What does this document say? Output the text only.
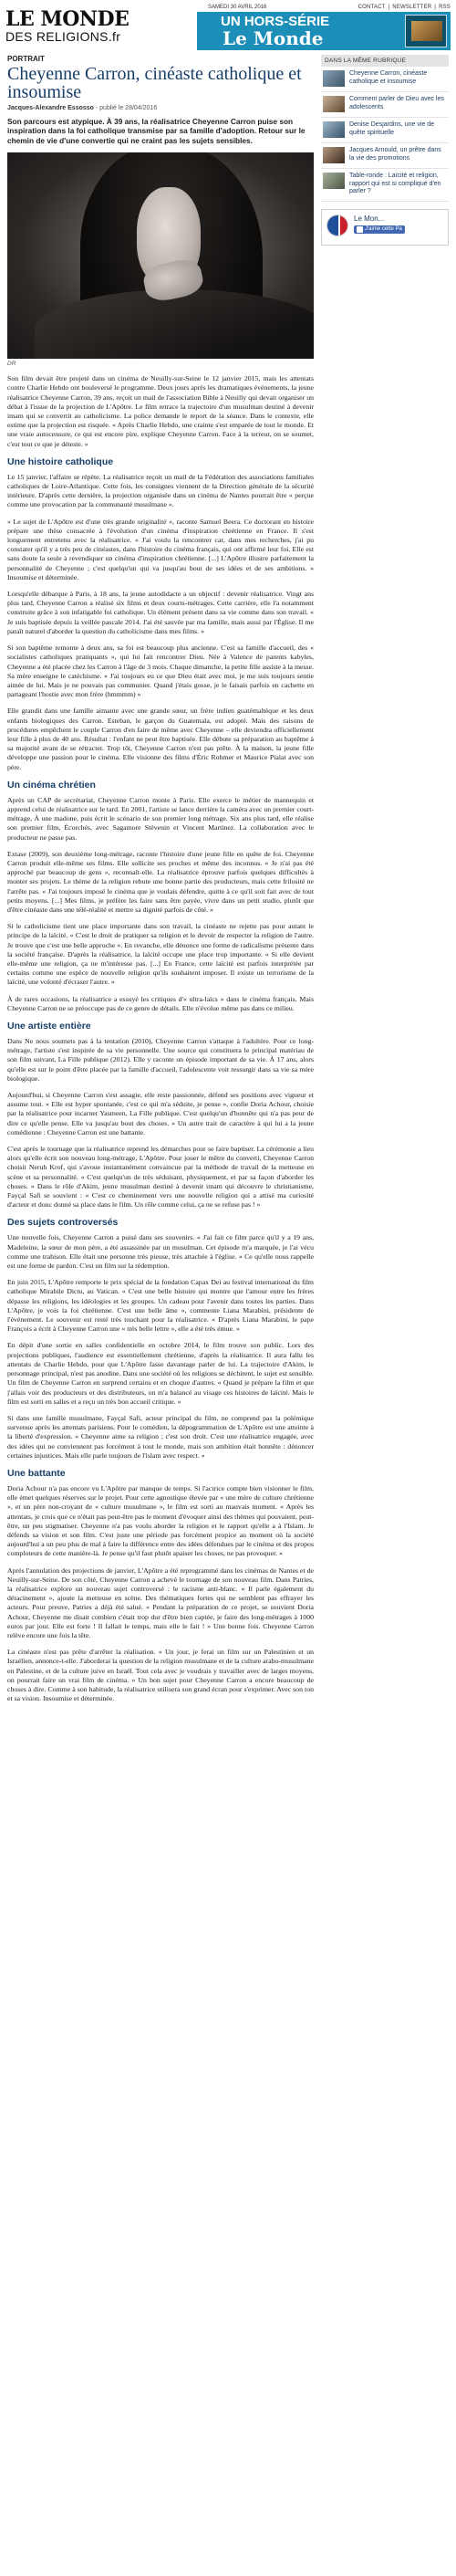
LE MONDE
DES RELIGIONS.fr
SAMEDI 30 AVRIL 2016	CONTACT | NEWSLETTER | RSS
UN HORS-SÉRIE
Le Monde
PORTRAIT
Cheyenne Carron, cinéaste catholique et insoumise
Jacques-Alexandre Essosso - publié le 28/04/2016
Son parcours est atypique. À 39 ans, la réalisatrice Cheyenne Carron puise son inspiration dans la foi catholique transmise par sa famille d'adoption. Retour sur le chemin de vie d'une convertie qui ne craint pas les sujets sensibles.
DR

Son film devait être projeté dans un cinéma de Neuilly-sur-Seine le 12 janvier 2015, mais les attentats contre Charlie Hebdo ont bouleversé le programme. Deux jours après les dramatiques événements, la jeune réalisatrice Cheyenne Carron, 39 ans, reçoit un mail de l'association Bible à Neuilly qui devait organiser un débat à l'issue de la projection de L'Apôtre. Le film retrace la trajectoire d'un musulman destiné à devenir imam qui se convertit au catholicisme. La police demande le report de la séance. Dans le contexte, elle estime que la projection est risquée. « Après Charlie Hebdo, une crainte s'est emparée de tout le monde. Et une vraie autocensure, ce qui est encore pire, explique Cheyenne Carron. Face à la terreur, on se soumet, c'est tout ce que je déteste. »

Une histoire catholique

Le 15 janvier, l'affaire se répète. La réalisatrice reçoit un mail de la Fédération des associations familiales catholiques de Loire-Atlantique. Cette fois, les consignes viennent de la Direction générale de la sécurité intérieure. D'après cette dernière, la projection organisée dans un cinéma de Nantes pourrait être « perçue comme une provocation par la communauté musulmane ».

« Le sujet de L'Apôtre est d'une très grande originalité », raconte Samuel Beera. Ce doctorant en histoire prépare une thèse consacrée à l'évolution d'un cinéma d'inspiration chrétienne en France. Il s'est longuement entretenu avec la réalisatrice. « J'ai voulu la rencontrer car, dans mes recherches, j'ai pu constater qu'il y a très peu de cinéastes, dans l'histoire du cinéma français, qui ont affirmé leur foi. Elle est sans doute la seule à revendiquer un cinéma d'inspiration chrétienne. [...] L'Apôtre illustre parfaitement la personnalité de Cheyenne ; c'est quelqu'un qui va jusqu'au bout de ses idées et de ses ambitions. » Insoumise et déterminée.

Lorsqu'elle débarque à Paris, à 18 ans, la jeune autodidacte a un objectif : devenir réalisatrice. Vingt ans plus tard, Cheyenne Carron a réalisé six films et deux courts-métrages. Cette carrière, elle l'a notamment construite grâce à son infatigable foi catholique. Un élément présent dans sa vie comme dans son travail. « Je suis baptisée depuis la veillée pascale 2014. J'ai été sauvée par ma famille, mais aussi par l'Église. Il me paraît naturel d'aborder la question du catholicisme dans mes films. »

Si son baptême remonte à deux ans, sa foi est beaucoup plus ancienne. C'est sa famille d'accueil, des « socialistes catholiques pratiquants », qui lui fait rencontrer Dieu. Née à Valence de parents kabyles, Cheyenne a été placée chez les Carron à l'âge de 3 mois. Chaque dimanche, la petite fille assiste à la messe. Sa mère enseigne le catéchisme. « J'ai toujours eu ce que Dieu était avec moi, je me suis toujours sentie aimée de lui. Mais je ne pouvais pas communier. Quand j'étais gosse, je le faisais parfois en cachette en partageant l'hostie avec mon frère (hmmmm) »

Elle grandit dans une famille aimante avec une grande sœur, un frère indien guatémaltèque et les deux enfants biologiques des Carron. Esteban, le garçon du Guatemala, est adopté. Mais des raisons de procédures empêchent le couple Carron d'en faire de même avec Cheyenne – elle deviendra officiellement leur fille à plus de 40 ans. Résultat : l'enfant ne peut être baptisée. Elle débute sa préparation au baptême à sa majorité avant de se rétracter. Trop tôt, Cheyenne Carron n'est pas prête. À la maison, la jeune fille développe une passion pour le cinéma. Elle visionne des films d'Éric Rohmer et Maurice Pialat avec son père.

Un cinéma chrétien

Après un CAP de secrétariat, Cheyenne Carron monte à Paris. Elle exerce le métier de mannequin et apprend celui de réalisatrice sur le tard. En 2001, l'artiste se lance derrière la caméra avec un premier court-métrage, À une madone, puis écrit le scénario de son premier long métrage. Six ans plus tard, elle réalise son premier film, Écorchés, avec Sagamore Stévenin et Vincent Martinez. La collaboration avec le producteur ne passe pas.

Extase (2009), son deuxième long-métrage, raconte l'histoire d'une jeune fille en quête de foi. Cheyenne Carron produit elle-même ses films. Elle sollicite ses proches et même des inconnus. « Je n'ai pas été approché par beaucoup de gens », reconnaît-elle. La réalisatrice éprouve parfois quelques difficultés à monter ses projets. Le thème de la religion rebute une bonne partie des producteurs, mais cette frilosité ne l'arrête pas. « J'ai toujours imposé le cinéma que je voulais défendre, quitte à ce qu'il soit fait avec de tout petits moyens. [...] Mes films, je préfère les faire sans être payée, vivre dans un petit studio, plutôt que d'être cinéaste dans une télé-réalité et mettre sa dignité parfois de côté. »

Si le catholicisme tient une place importante dans son travail, la cinéaste ne rejette pas pour autant le principe de la laïcité. « C'est le droit de pratiquer sa religion et le devoir de respecter la religion de l'autre. Je trouve que c'est une belle approche ». En revanche, elle dénonce une forme de radicalisme présente dans la société française. D'après la réalisatrice, la laïcité occupe une place trop importante. « Si elle devient elle-même une religion, ça ne m'intéresse pas. [...] En France, cette laïcité est parfois interprétée par certains comme une espèce de nouvelle religion qu'ils souhaitent imposer. Il existe un terrorisme de la laïcité, une volonté d'écraser l'autre. »

À de rares occasions, la réalisatrice a essuyé les critiques d'« ultra-laïcs » dans le cinéma français. Mais Cheyenne Carron ne se préoccupe pas de ce genre de détails. Elle n'évolue même pas dans ce milieu.

Une artiste entière

Dans Ne nous soumets pas à la tentation (2010), Cheyenne Carron s'attaque à l'adultère. Pour ce long-métrage, l'artiste s'est inspirée de sa vie personnelle. Une source qui constituera le principal matériau de son film suivant, La Fille publique (2012). Elle y raconte un épisode important de sa vie. À 17 ans, alors qu'elle est sur le point d'être placée par la famille d'accueil, l'adolescente voit ressurgir dans sa vie sa mère biologique.

Aujourd'hui, si Cheyenne Carron s'est assagie, elle reste passionnée, défend ses positions avec vigueur et assume tout. « Elle est hyper spontanée, c'est ce qui m'a séduite, je pense », confie Doria Achour, choisie par la réalisatrice pour incarner Yasmeen, La Fille publique. C'est quelqu'un d'honnête qui n'a pas peur de dire ce qu'elle pense. Elle va jusqu'au bout des choses. » Un autre trait de caractère à qui lui a la jeune comédienne : Cheyenne Carron est une battante.

C'est après le tournage que la réalisatrice reprend les démarches pour se faire baptiser. La cérémonie a lieu alors qu'elle écrit son nouveau long-métrage, L'Apôtre. Pour jouer le mêtre du converti, Cheyenne Carron choisit Neruh Krof, qui s'avoue instantanément convaincue par la méthode de travail de la metteuse en scène et sa personnalité. « C'est quelqu'un de très séduisant, physiquement, et par sa façon d'aborder les choses. » Dans le rôle d'Akim, jeune musulman destiné à devenir imam qui découvre le christianisme, Fayçal Safi se souvient : « C'est ce cheminement vers une nouvelle religion qui a attisé ma curiosité d'acteur et donc donné sa place dans le film. Un rôle comme celui, ça ne se refuse pas ! »

Des sujets controversés

Une nouvelle fois, Cheyenne Carron a puisé dans ses souvenirs. « J'ai fait ce film parce qu'il y a 19 ans, Madeleine, la sœur de mon père, a été assassinée par un musulman. Cet épisode m'a marquée, je l'ai vécu comme une trahison. Elle était une personne très pieuse, très attachée à l'église. » Ce qu'elle nous rappelle est une forme de pardon. C'est un film sur la rédemption.

En juin 2015, L'Apôtre remporte le prix spécial de la fondation Capax Dei au festival international du film catholique Mirabile Dictu, au Vatican. « C'est une belle histoire qui montre que l'amour entre les frères dépasse les religions, les idéologies et les groupes. Un cadeau pour l'avenir dans toutes les parties. Dans L'Apôtre, je vois la foi chrétienne. C'est une belle âme », commente Liana Marabini, présidente de l'événement. Le souvenir est resté très touchant pour la réalisatrice. « D'après Liana Marabini, le pape François a écrit à Cheyenne Carron une « très belle lettre », elle a été très émue. »

En dépit d'une sortie en salles confidentielle en octobre 2014, le film trouve son public. Lors des projections publiques, l'audience est essentiellement chrétienne, d'après la réalisatrice. Il aura fallu les attentats de Charlie Hebdo, pour que L'Apôtre fasse davantage parler de lui. La trajectoire d'Akim, le personnage principal, n'est pas anodine. Dans une société où les religions se déchirent, le sujet est sensible. Un film de Cheyenne Carron en surprend certains et en choque d'autres. « Quand je prépare la film et que j'allais voir des producteurs et des distributeurs, on m'a balancé au visage ces histoires de laïcité. Mais le film est sorti en salles et a reçu un très bon accueil critique. »

Si dans une famille musulmane, Fayçal Safi, acteur principal du film, ne comprend pas la polémique survenue après les attentats parisiens. Pour le comédien, la dépogrammation de L'Apôtre est une atteinte à la liberté d'expression. « Cheyenne aime sa religion ; c'est son droit. C'est une réalisatrice engagée, avec des idées qui ne conviennent pas forcément à tout le monde, mais son ambition était honnête : dénoncer certaines injustices. Mais elle parle toujours de l'islam avec respect. »

Une battante

Doria Achour n'a pas encore vu L'Apôtre par manque de temps. Si l'actrice compte bien visionner le film, elle émet quelques réserves sur le projet. Pour cette agnostique élevée par « une mère de culture chrétienne », et un père non-croyant de « culture musulmane », le film est sorti au mauvais moment. « Après les attentats, je crois que ce n'était pas peut-être pas le moment d'évoquer ainsi des thèmes qui pouvaient, peut-être, un peu stigmatiser. Cheyenne n'a pas voulu aborder la religion et le rapport qu'elle a à l'Islam. Je défends sa vision et son film. C'est juste une période pas forcément propice au moment où la société aujourd'hui a un peu plus de mal à faire la différence entre des idées défendues par le cinéma et des propos comploteurs de cette manière-là. Je pense qu'il faut plutôt apaiser les choses, ne pas provoquer. »

Après l'annulation des projections de janvier, L'Apôtre a été reprogrammé dans les cinémas de Nantes et de Neuilly-sur-Seine. De son côté, Cheyenne Carron a achevé le tournage de son nouveau film. Dans Patries, la réalisatrice explore un nouveau sujet controversé : le racisme anti-blanc. « Il parle également du déracinement », ajoute la metteuse en scène. Des thématiques fortes qui ne semblent pas effrayer les acteurs. Pour preuve, Patries a déjà été salué. « Pendant la préparation de ce projet, se souvient Doria Achour, Cheyenne me disait combien c'était trop dur d'être bien captée, je faire des long-métrages à 1000 euros par jour. Elle est forte ! Il fallait le temps, mais elle le fait ! » Une bonne fois. Cheyenne Carron relève encore une fois la tête.

La cinéaste n'est pas prête d'arrêter la réalisation. « Un jour, je ferai un film sur un Palestinien et un Israélien, annonce-t-elle. J'aborderai la question de la religion musulmane et de la culture arabo-musulmane en Palestine, et de la culture juive en Israël. Tout cela avec je voudrais y travailler avec de larges moyens, on pourrait faire un vrai film de cinéma. » Un bon sujet pour Cheyenne Carron a encore beaucoup de choses à dire. Comme à son habitude, la réalisatrice utilisera son grand écran pour s'exprimer. Avec son ton et sa vision. Insoumise et déterminée.

DANS LA MÊME RUBRIQUE
Cheyenne Carron, cinéaste catholique et insoumise
Comment parler de Dieu avec les adolescents
Denise Desjardins, une vie de quête spirituelle
Jacques Arnould, un prêtre dans la vie des promotions
Table-ronde : Laïcité et religion, rapport qui est si compliqué d'en parler ?
Le Mon...
J'aime cette Pa
